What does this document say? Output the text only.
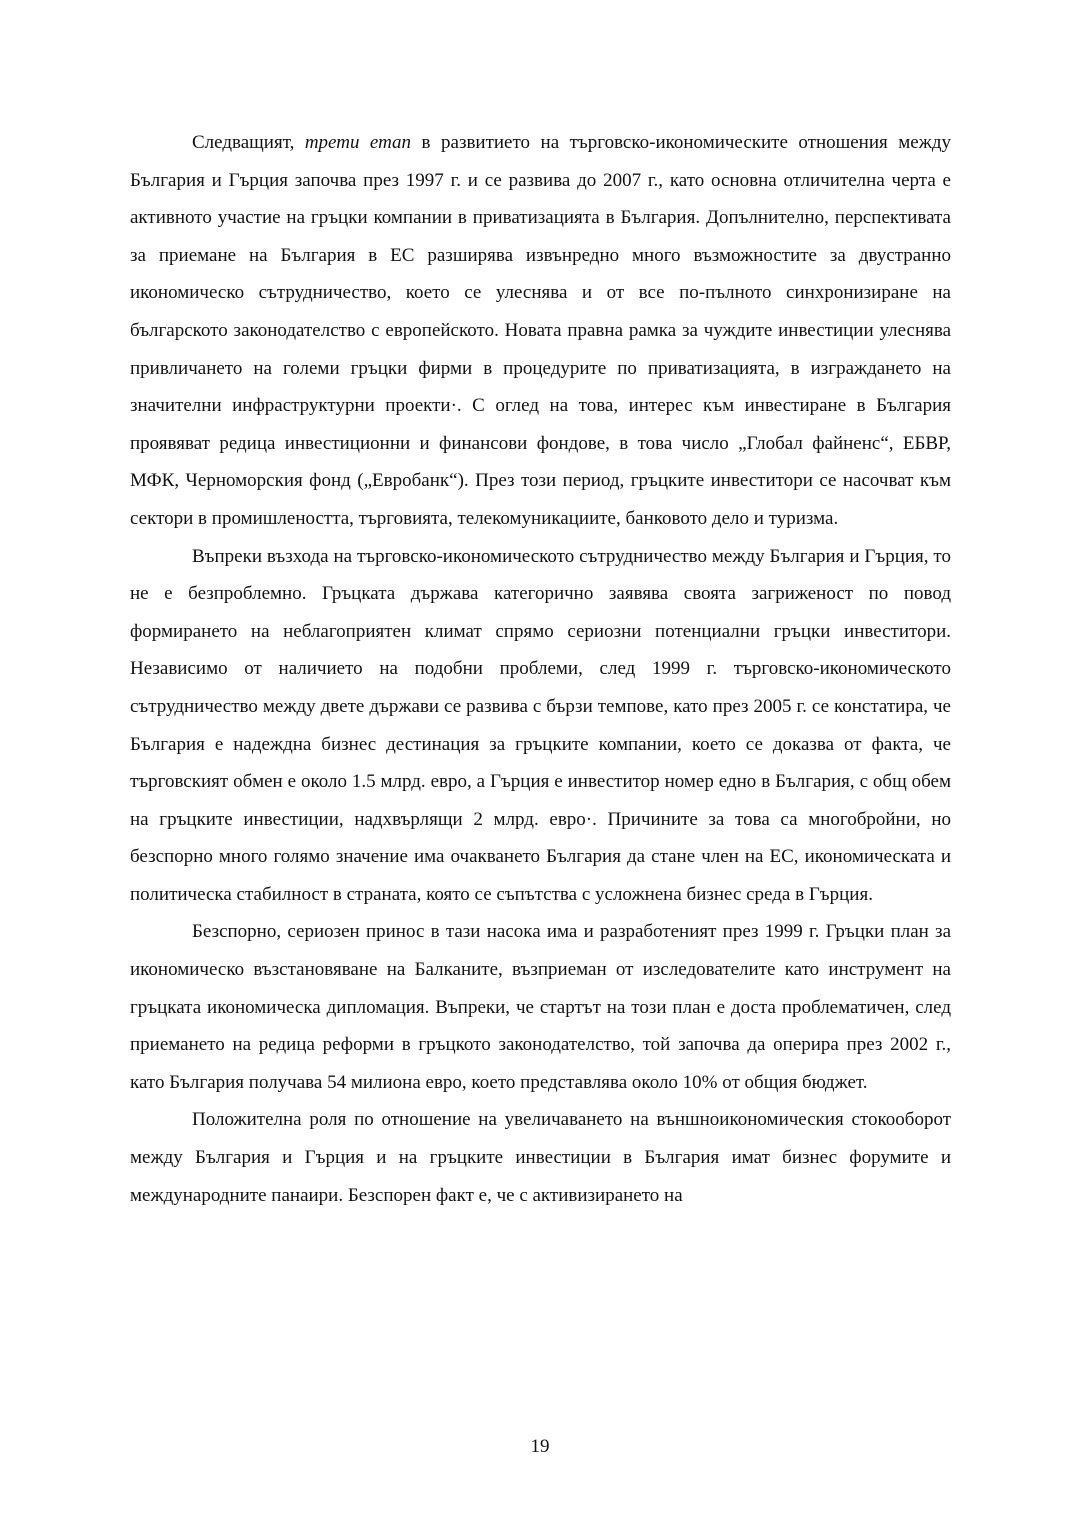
Следващият, трети етап в развитието на търговско-икономическите отношения между България и Гърция започва през 1997 г. и се развива до 2007 г., като основна отличителна черта е активното участие на гръцки компании в приватизацията в България. Допълнително, перспективата за приемане на България в ЕС разширява извънредно много възможностите за двустранно икономическо сътрудничество, което се улеснява и от все по-пълното синхронизиране на българското законодателство с европейското. Новата правна рамка за чуждите инвестиции улеснява привличането на големи гръцки фирми в процедурите по приватизацията, в изграждането на значителни инфраструктурни проекти·. С оглед на това, интерес към инвестиране в България проявяват редица инвестиционни и финансови фондове, в това число „Глобал файненс“, ЕБВР, МФК, Черноморския фонд („Евробанк“). През този период, гръцките инвеститори се насочват към сектори в промишлеността, търговията, телекомуникациите, банковото дело и туризма.

Въпреки възхода на търговско-икономическото сътрудничество между България и Гърция, то не е безпроблемно. Гръцката държава категорично заявява своята загриженост по повод формирането на неблагоприятен климат спрямо сериозни потенциални гръцки инвеститори. Независимо от наличието на подобни проблеми, след 1999 г. търговско-икономическото сътрудничество между двете държави се развива с бързи темпове, като през 2005 г. се констатира, че България е надеждна бизнес дестинация за гръцките компании, което се доказва от факта, че търговският обмен е около 1.5 млрд. евро, а Гърция е инвеститор номер едно в България, с общ обем на гръцките инвестиции, надхвърлящи 2 млрд. евро·. Причините за това са многобройни, но безспорно много голямо значение има очакването България да стане член на ЕС, икономическата и политическа стабилност в страната, която се съпътства с усложнена бизнес среда в Гърция.

Безспорно, сериозен принос в тази насока има и разработеният през 1999 г. Гръцки план за икономическо възстановяване на Балканите, възприеман от изследователите като инструмент на гръцката икономическа дипломация. Въпреки, че стартът на този план е доста проблематичен, след приемането на редица реформи в гръцкото законодателство, той започва да оперира през 2002 г., като България получава 54 милиона евро, което представлява около 10% от общия бюджет.

Положителна роля по отношение на увеличаването на външноикономическия стокооборот между България и Гърция и на гръцките инвестиции в България имат бизнес форумите и международните панаири. Безспорен факт е, че с активизирането на

19
